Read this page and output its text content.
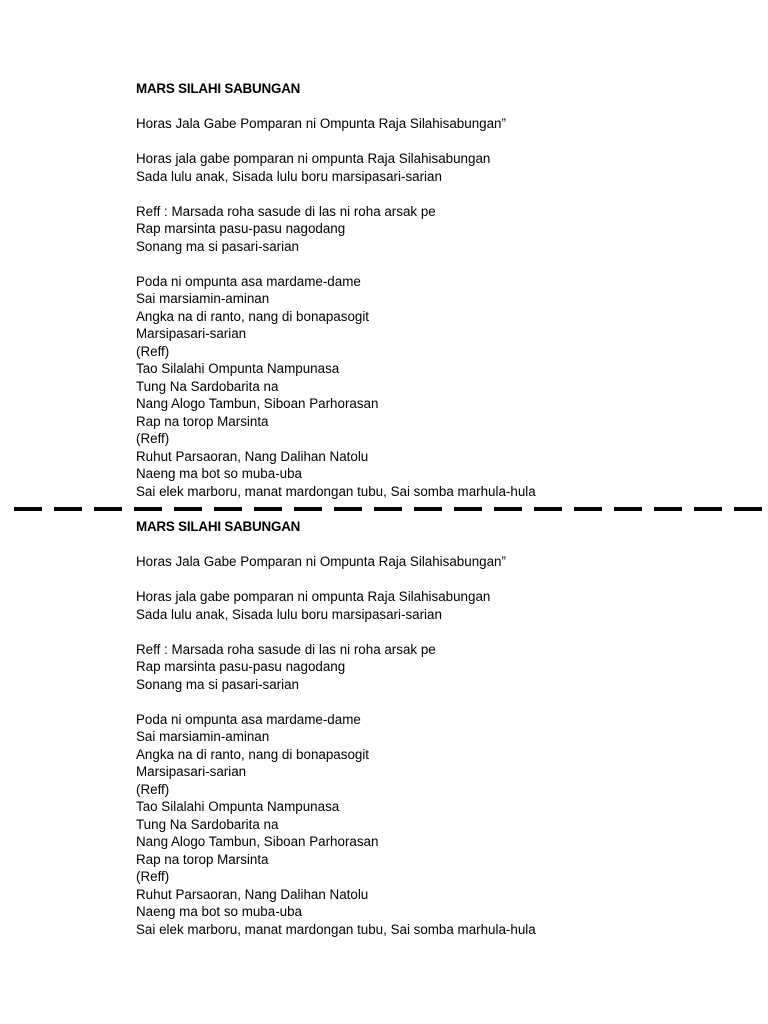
MARS SILAHI SABUNGAN
Horas Jala Gabe Pomparan ni Ompunta Raja Silahisabungan”
Horas jala gabe pomparan ni ompunta Raja Silahisabungan
Sada lulu anak, Sisada lulu boru marsipasari-sarian
Reff : Marsada roha sasude di las ni roha arsak pe
Rap marsinta pasu-pasu nagodang
Sonang ma si pasari-sarian
Poda ni ompunta asa mardame-dame
Sai marsiamin-aminan
Angka na di ranto, nang di bonapasogit
Marsipasari-sarian
(Reff)
Tao Silalahi Ompunta Nampunasa
Tung Na Sardobarita na
Nang Alogo Tambun, Siboan Parhorasan
Rap na torop Marsinta
(Reff)
Ruhut Parsaoran, Nang Dalihan Natolu
Naeng ma bot so muba-uba
Sai elek marboru, manat mardongan tubu, Sai somba marhula-hula
MARS SILAHI SABUNGAN
Horas Jala Gabe Pomparan ni Ompunta Raja Silahisabungan”
Horas jala gabe pomparan ni ompunta Raja Silahisabungan
Sada lulu anak, Sisada lulu boru marsipasari-sarian
Reff : Marsada roha sasude di las ni roha arsak pe
Rap marsinta pasu-pasu nagodang
Sonang ma si pasari-sarian
Poda ni ompunta asa mardame-dame
Sai marsiamin-aminan
Angka na di ranto, nang di bonapasogit
Marsipasari-sarian
(Reff)
Tao Silalahi Ompunta Nampunasa
Tung Na Sardobarita na
Nang Alogo Tambun, Siboan Parhorasan
Rap na torop Marsinta
(Reff)
Ruhut Parsaoran, Nang Dalihan Natolu
Naeng ma bot so muba-uba
Sai elek marboru, manat mardongan tubu, Sai somba marhula-hula
